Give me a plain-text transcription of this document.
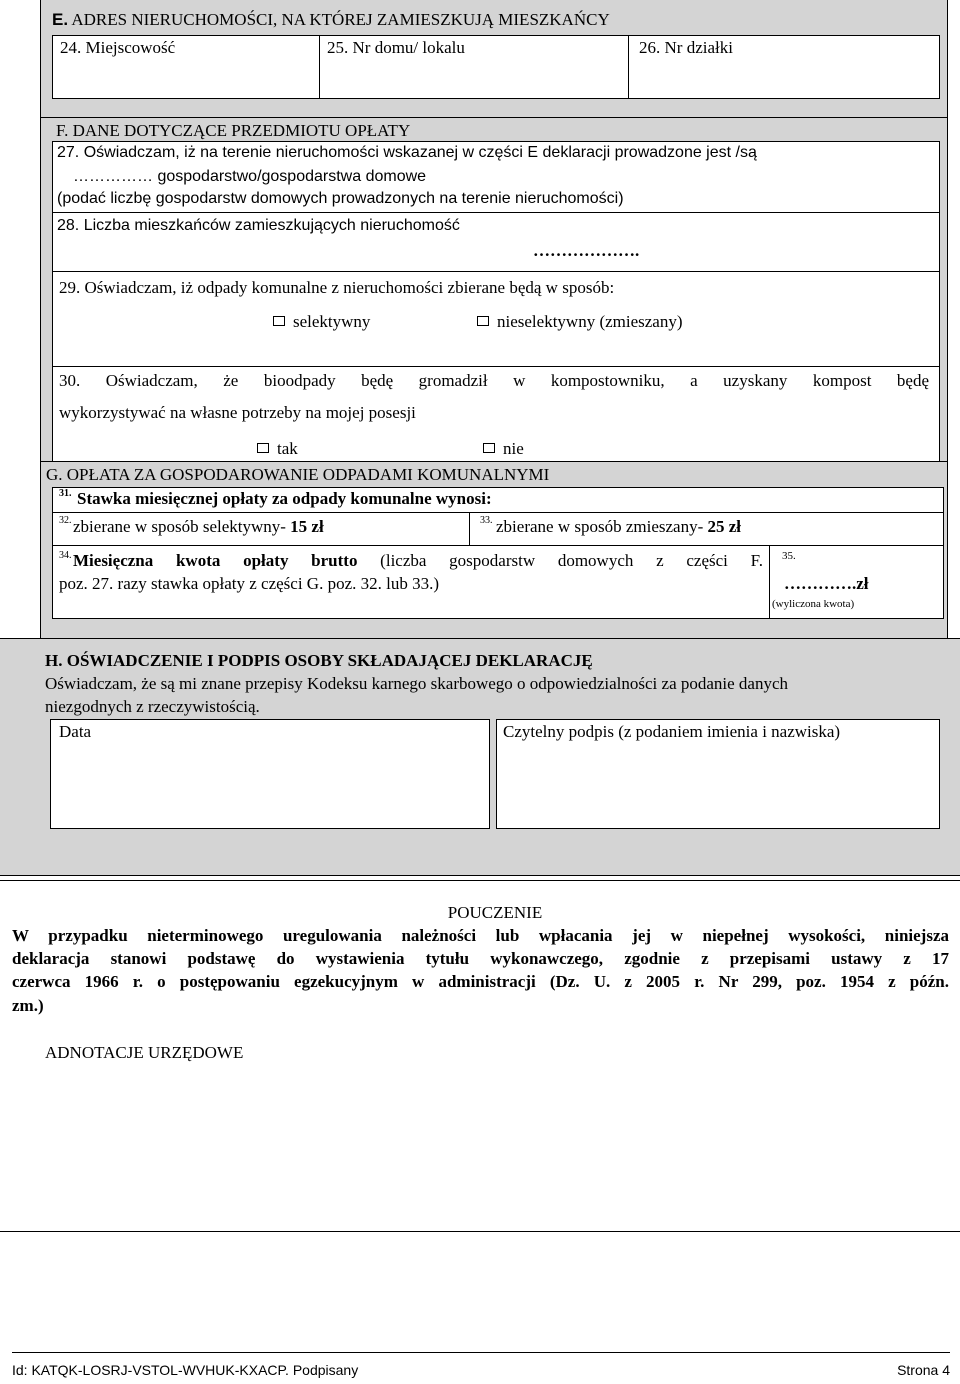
E. ADRES NIERUCHOMOŚCI, NA KTÓREJ ZAMIESZKUJĄ MIESZKAŃCY
24. Miejscowość	25. Nr domu/ lokalu	26. Nr działki
F. DANE DOTYCZĄCE PRZEDMIOTU OPŁATY
27. Oświadczam, iż na terenie nieruchomości wskazanej w części E deklaracji prowadzone jest /są
…………… gospodarstwo/gospodarstwa domowe
(podać liczbę gospodarstw domowych prowadzonych na terenie nieruchomości)
28. Liczba mieszkańców zamieszkujących nieruchomość
……………….
29. Oświadczam, iż odpady komunalne z nieruchomości zbierane będą w sposób:
selektywny	nieselektywny (zmieszany)
30. Oświadczam, że bioodpady będę gromadził w kompostowniku, a uzyskany kompost będę
wykorzystywać na własne potrzeby na mojej posesji
tak	nie
G. OPŁATA ZA GOSPODAROWANIE ODPADAMI KOMUNALNYMI
31. Stawka miesięcznej opłaty za odpady komunalne wynosi:
32. zbierane w sposób selektywny- 15 zł	33. zbierane w sposób zmieszany- 25 zł
34. Miesięczna kwota opłaty brutto (liczba gospodarstw domowych z części F.
poz. 27. razy stawka opłaty z części G. poz. 32. lub 33.)
35.
………….zł
(wyliczona kwota)
H. OŚWIADCZENIE I PODPIS OSOBY SKŁADAJĄCEJ DEKLARACJĘ
Oświadczam, że są mi znane przepisy Kodeksu karnego skarbowego o odpowiedzialności za podanie danych
niezgodnych z rzeczywistością.
Data	Czytelny podpis (z podaniem imienia i nazwiska)
POUCZENIE
W przypadku nieterminowego uregulowania należności lub wpłacania jej w niepełnej wysokości, niniejsza
deklaracja stanowi podstawę do wystawienia tytułu wykonawczego, zgodnie z przepisami ustawy z 17
czerwca 1966 r. o postępowaniu egzekucyjnym w administracji (Dz. U. z 2005 r. Nr 299, poz. 1954 z późn.
zm.)
ADNOTACJE URZĘDOWE
Id: KATQK-LOSRJ-VSTOL-WVHUK-KXACP. Podpisany	Strona 4
